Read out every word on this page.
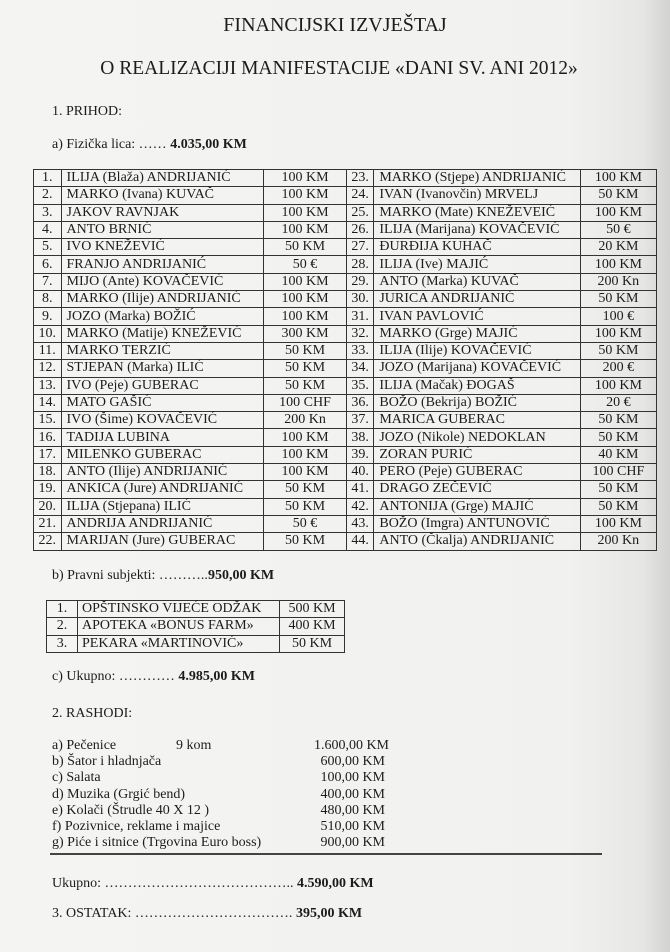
FINANCIJSKI IZVJEŠTAJ
O REALIZACIJI MANIFESTACIJE «DANI SV. ANI 2012»
1. PRIHOD:
a) Fizička lica: …… 4.035,00 KM
1.	ILIJA (Blaža) ANDRIJANIĆ	100 KM	23.	MARKO (Stjepe) ANDRIJANIĆ	100 KM
2.	MARKO (Ivana) KUVAČ	100 KM	24.	IVAN (Ivanovčin) MRVELJ	50 KM
3.	JAKOV RAVNJAK	100 KM	25.	MARKO (Mate) KNEŽEVEIĆ	100 KM
4.	ANTO BRNIĆ	100 KM	26.	ILIJA (Marijana) KOVAČEVIĆ	50 €
5.	IVO KNEŽEVIĆ	50 KM	27.	ĐURĐIJA KUHAČ	20 KM
6.	FRANJO ANDRIJANIĆ	50 €	28.	ILIJA (Ive) MAJIĆ	100 KM
7.	MIJO (Ante) KOVAČEVIĆ	100 KM	29.	ANTO (Marka) KUVAČ	200 Kn
8.	MARKO (Ilije) ANDRIJANIĆ	100 KM	30.	JURICA ANDRIJANIĆ	50 KM
9.	JOZO (Marka) BOŽIĆ	100 KM	31.	IVAN PAVLOVIĆ	100 €
10.	MARKO (Matije) KNEŽEVIĆ	300 KM	32.	MARKO (Grge) MAJIĆ	100 KM
11.	MARKO TERZIĆ	50 KM	33.	ILIJA (Ilije) KOVAČEVIĆ	50 KM
12.	STJEPAN (Marka) ILIĆ	50 KM	34.	JOZO (Marijana) KOVAČEVIĆ	200 €
13.	IVO (Peje) GUBERAC	50 KM	35.	ILIJA (Mačak) ĐOGAŠ	100 KM
14.	MATO GAŠIĆ	100 CHF	36.	BOŽO (Bekrija) BOŽIĆ	20 €
15.	IVO (Šime) KOVAČEVIĆ	200 Kn	37.	MARICA GUBERAC	50 KM
16.	TADIJA LUBINA	100 KM	38.	JOZO (Nikole) NEDOKLAN	50 KM
17.	MILENKO GUBERAC	100 KM	39.	ZORAN PURIĆ	40 KM
18.	ANTO (Ilije) ANDRIJANIĆ	100 KM	40.	PERO (Peje) GUBERAC	100 CHF
19.	ANKICA (Jure) ANDRIJANIĆ	50 KM	41.	DRAGO ZEČEVIĆ	50 KM
20.	ILIJA (Stjepana) ILIĆ	50 KM	42.	ANTONIJA (Grge) MAJIĆ	50 KM
21.	ANDRIJA ANDRIJANIĆ	50 €	43.	BOŽO (Imgra) ANTUNOVIĆ	100 KM
22.	MARIJAN (Jure) GUBERAC	50 KM	44.	ANTO (Čkalja) ANDRIJANIĆ	200 Kn
b) Pravni subjekti: ………..950,00 KM
1.	OPŠTINSKO VIJEĆE ODŽAK	500 KM
2.	APOTEKA «BONUS FARM»	400 KM
3.	PEKARA «MARTINOVIĆ»	50 KM
c) Ukupno: ………… 4.985,00 KM
2. RASHODI:
a) Pečenice	9 kom	1.600,00 KM
b) Šator i hladnjača	600,00 KM
c) Salata	100,00 KM
d) Muzika (Grgić bend)	400,00 KM
e) Kolači (Štrudle 40 X 12 )	480,00 KM
f) Pozivnice, reklame i majice	510,00 KM
g) Piće i sitnice (Trgovina Euro boss)	900,00 KM
Ukupno: ………………………………….. 4.590,00 KM
3. OSTATAK: ……………………………. 395,00 KM
